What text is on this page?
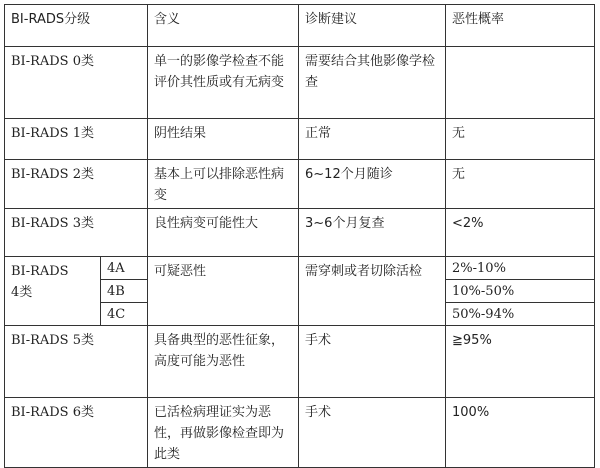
BI-RADS分级		含义	诊断建议	恶性概率
BI-RADS 0类		单一的影像学检查不能评价其性质或有无病变	需要结合其他影像学检查	
BI-RADS 1类		阴性结果	正常	无
BI-RADS 2类		基本上可以排除恶性病变	6~12个月随诊	无
BI-RADS 3类		良性病变可能性大	3~6个月复查	<2%

BI-RADS
4类	4A	可疑恶性	需穿刺或者切除活检	2%-10%
	4B			10%-50%
	4C			50%-94%
BI-RADS 5类		具备典型的恶性征象，高度可能为恶性	手术	≧95%
BI-RADS 6类		已活检病理证实为恶性，再做影像检查即为此类	手术	100%
